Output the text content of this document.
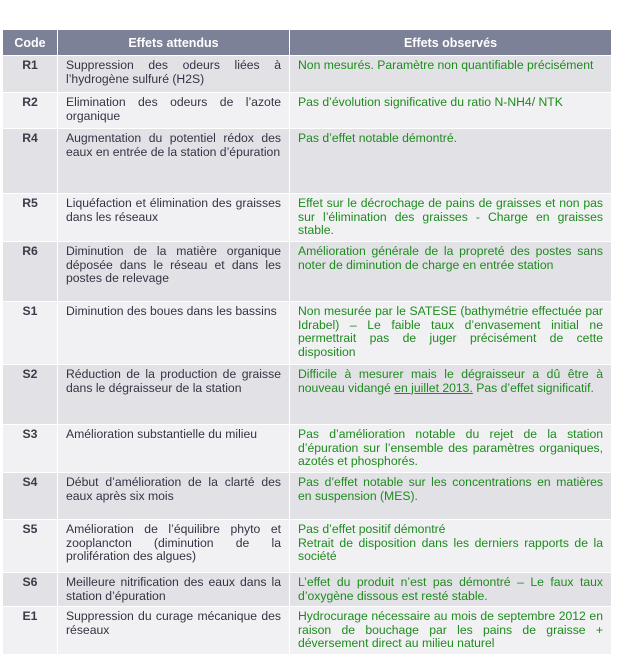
Code	Effets attendus	Effets observés
R1	Suppression des odeurs liées à l’hydrogène sulfuré (H2S)	Non mesurés. Paramètre non quantifiable précisément
R2	Elimination des odeurs de l’azote organique	Pas d’évolution significative du ratio N-NH4/ NTK
R4	Augmentation du potentiel rédox des eaux en entrée de la station d’épuration	Pas d’effet notable démontré.
R5	Liquéfaction et élimination des graisses dans les réseaux	Effet sur le décrochage de pains de graisses et non pas sur l’élimination des graisses - Charge en graisses stable.
R6	Diminution de la matière organique déposée dans le réseau et dans les postes de relevage	Amélioration générale de la propreté des postes sans noter de diminution de charge en entrée station
S1	Diminution des boues dans les bassins	Non mesurée par le SATESE (bathymétrie effectuée par Idrabel) – Le faible taux d’envasement initial ne permettrait pas de juger précisément de cette disposition
S2	Réduction de la production de graisse dans le dégraisseur de la station	Difficile à mesurer mais le dégraisseur a dû être à nouveau vidangé en juillet 2013. Pas d’effet significatif.
S3	Amélioration substantielle du milieu	Pas d’amélioration notable du rejet de la station d’épuration sur l’ensemble des paramètres organiques, azotés et phosphorés.
S4	Début d’amélioration de la clarté des eaux après six mois	Pas d’effet notable sur les concentrations en matières en suspension (MES).
S5	Amélioration de l’équilibre phyto et zooplancton (diminution de la prolifération des algues)	Pas d’effet positif démontré
Retrait de disposition dans les derniers rapports de la société

S6	Meilleure nitrification des eaux dans la station d’épuration	L’effet du produit n’est pas démontré – Le faux taux d’oxygène dissous est resté stable.
E1	Suppression du curage mécanique des réseaux	Hydrocurage nécessaire au mois de septembre 2012 en raison de bouchage par les pains de graisse + déversement direct au milieu naturel
